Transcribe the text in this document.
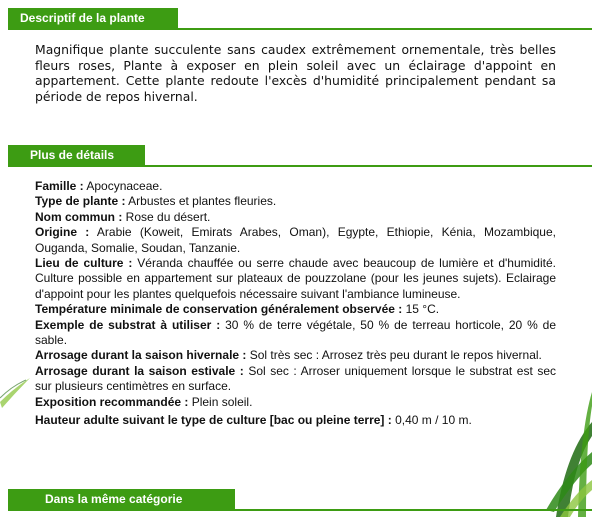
Descriptif de la plante

Magnifique plante succulente sans caudex extrêmement ornementale, très belles fleurs roses, Plante à exposer en plein soleil avec un éclairage d'appoint en appartement. Cette plante redoute l'excès d'humidité principalement pendant sa période de repos hivernal.

Plus de détails
Famille : Apocynaceae.
Type de plante : Arbustes et plantes fleuries.
Nom commun : Rose du désert.
Origine : Arabie (Koweit, Emirats Arabes, Oman), Egypte, Ethiopie, Kénia, Mozambique, Ouganda, Somalie, Soudan, Tanzanie.
Lieu de culture : Véranda chauffée ou serre chaude avec beaucoup de lumière et d'humidité. Culture possible en appartement sur plateaux de pouzzolane (pour les jeunes sujets). Eclairage d'appoint pour les plantes quelquefois nécessaire suivant l'ambiance lumineuse.
Température minimale de conservation généralement observée : 15 °C.
Exemple de substrat à utiliser : 30 % de terre végétale, 50 % de terreau horticole, 20 % de sable.
Arrosage durant la saison hivernale : Sol très sec : Arrosez très peu durant le repos hivernal.
Arrosage durant la saison estivale : Sol sec : Arroser uniquement lorsque le substrat est sec sur plusieurs centimètres en surface.
Exposition recommandée : Plein soleil.
Hauteur adulte suivant le type de culture [bac ou pleine terre] : 0,40 m / 10 m.
Dans la même catégorie
